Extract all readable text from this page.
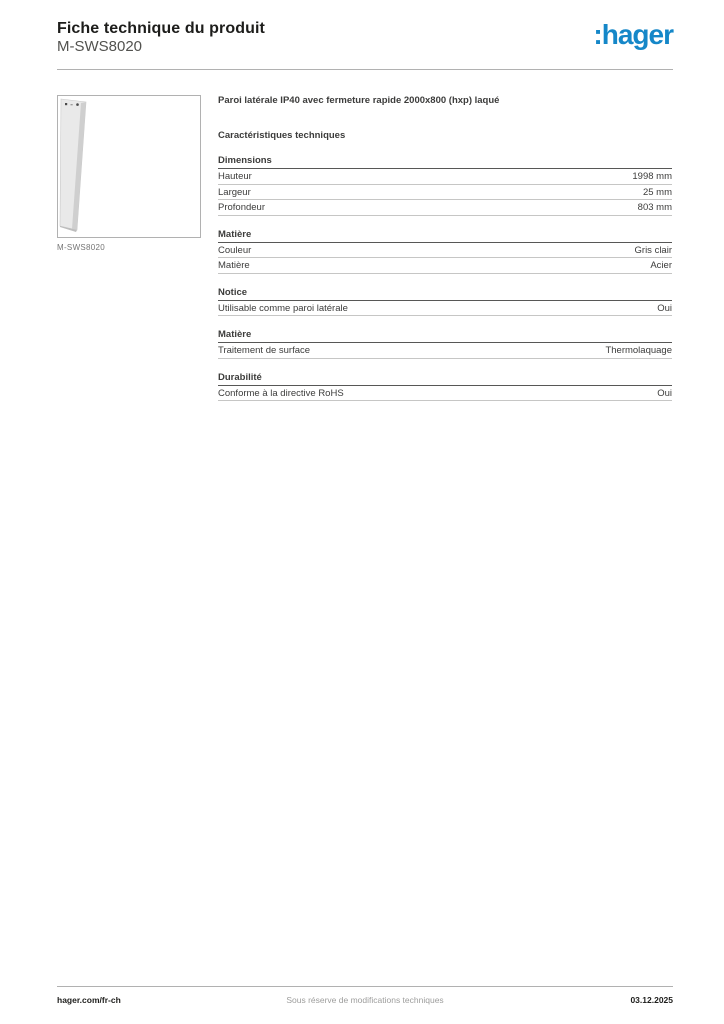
Fiche technique du produit
M-SWS8020	:hager
M-SWS8020
Paroi latérale IP40 avec fermeture rapide 2000x800 (hxp) laqué
Caractéristiques techniques
Dimensions
Hauteur	1998 mm
Largeur	25 mm
Profondeur	803 mm
Matière
Couleur	Gris clair
Matière	Acier
Notice
Utilisable comme paroi latérale	Oui
Matière
Traitement de surface	Thermolaquage
Durabilité
Conforme à la directive RoHS	Oui
hager.com/fr-ch	Sous réserve de modifications techniques	03.12.2025
